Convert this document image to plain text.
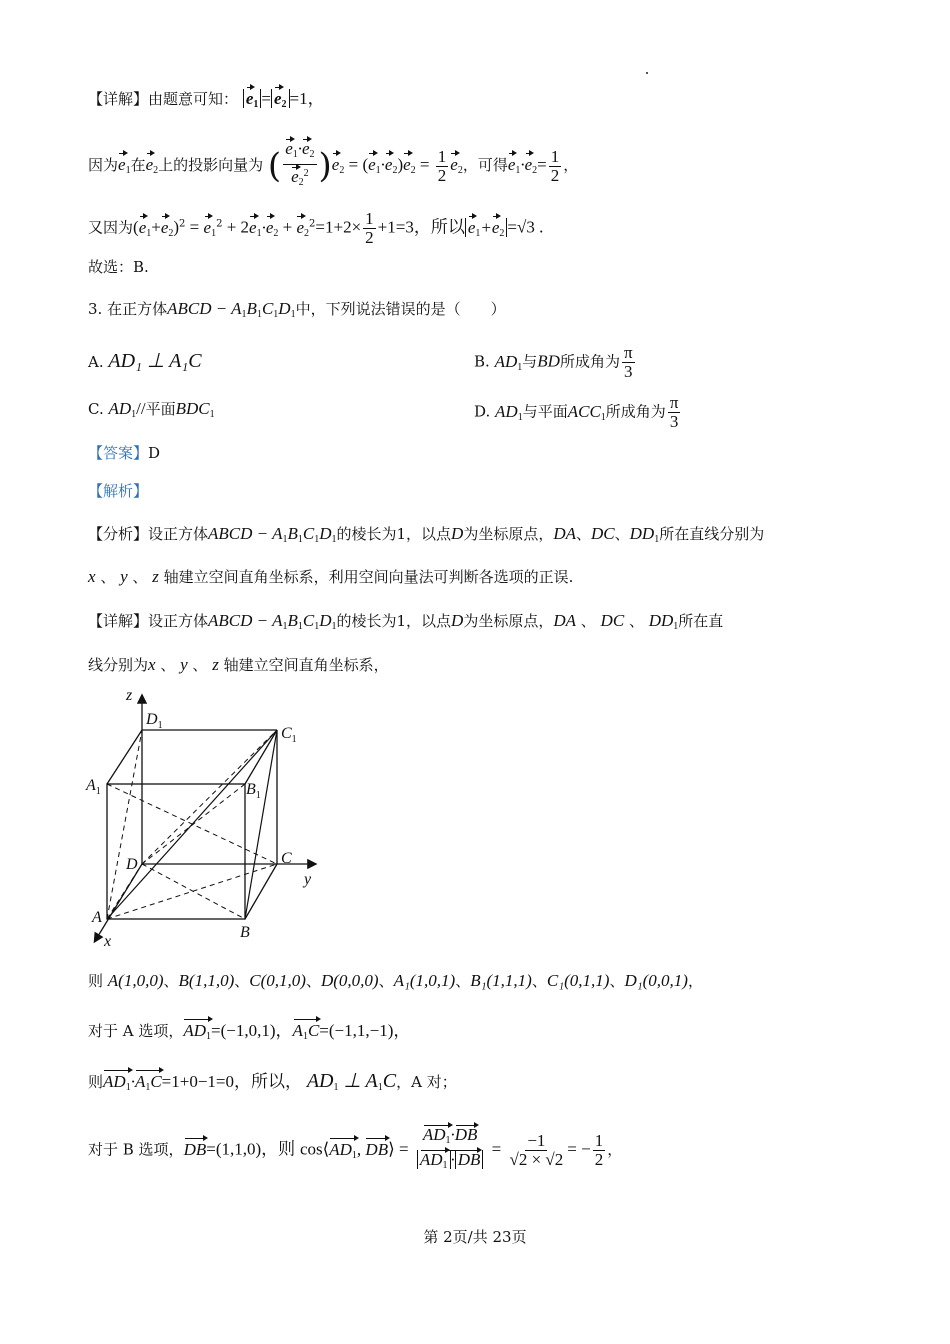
【详解】由题意可知： $e_1 = e_2 =1$，
因为$e_1$在$e_2$上的投影向量为 ( $\frac{e_1\cdot e_2}{e_2^2} )e_2 = (e_1\cdot e_2)e_2 = \frac{1}{2} e_2$，可得$e_1\cdot e_2= \frac{1}{2}$ ，
又因为$(e_1+e_2)^2 = e_1^2 + 2e_1\cdot e_2 + e_2^2=1+2\times \frac{1}{2} +1=3$，所以 $e_1+e_2 =√3$ .
故选：B.
3. 在正方体ABCD − $A_1B_1C_1D_1$中，下列说法错误的是（　　）
A. AD₁ ⊥ A₁C	B. $AD_1$与BD所成角为 $\frac{\pi}{3}$
C. $AD_1//$平面$BDC_1$	D. $AD_1$与平面$ACC_1$所成角为 $\frac{\pi}{3}$
【答案】D
【解析】
【分析】设正方体ABCD − $A_1B_1C_1D_1$的棱长为1，以点D为坐标原点，DA、DC、$DD_1$所在直线分别为
x 、 y 、 z 轴建立空间直角坐标系，利用空间向量法可判断各选项的正误.
【详解】设正方体ABCD − $A_1B_1C_1D_1$的棱长为1，以点D为坐标原点，DA 、 DC 、 $DD_1$所在直
线分别为x 、 y 、 z 轴建立空间直角坐标系，
z
y
x
$D_1$	$C_1$
$A_1$	$B_1$
D	C
A
B
则 A(1,0,0)、B(1,1,0)、C(0,1,0)、D(0,0,0)、A₁(1,0,1)、B₁(1,1,1)、C₁(0,1,1)、D₁(0,0,1)，
对于 A 选项，$AD_1=(-1,0,1)$，$A_1C=(-1,1,-1)$，
则$AD_1\cdot A_1C=1+0-1=0$，所以， $AD_1$ ⊥ $A_1C$，A 对；
对于 B 选项，DB=(1,1,0)，则 $\cos⟨AD_1$, DB⟩ = $\frac{AD_1\cdot DB}{AD_1 \cdot DB} = \frac{-1}{√2 \times √2}$ = − $\frac{1}{2}$ ，
第 2页/共 23页
